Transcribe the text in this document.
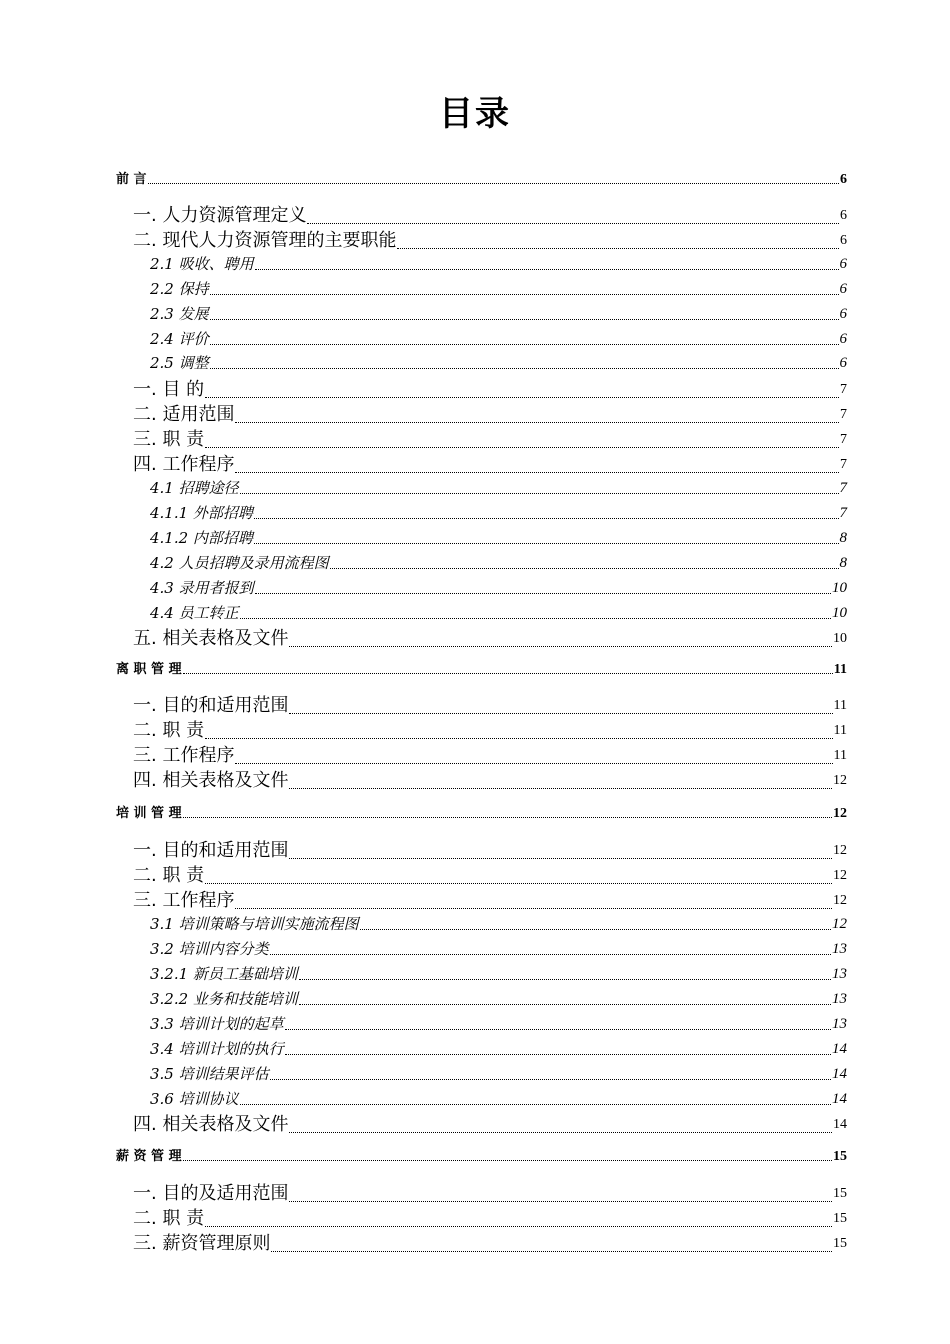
目录
前 言	6
一. 人力资源管理定义	6
二. 现代人力资源管理的主要职能	6
2.1 吸收、聘用	6
2.2 保持	6
2.3 发展	6
2.4 评价	6
2.5 调整	6
一. 目 的	7
二. 适用范围	7
三. 职 责	7
四. 工作程序	7
4.1 招聘途径	7
4.1.1 外部招聘	7
4.1.2 内部招聘	8
4.2 人员招聘及录用流程图	8
4.3 录用者报到	10
4.4 员工转正	10
五. 相关表格及文件	10
离 职 管 理	11
一. 目的和适用范围	11
二. 职 责	11
三. 工作程序	11
四. 相关表格及文件	12
培 训 管 理	12
一. 目的和适用范围	12
二. 职 责	12
三. 工作程序	12
3.1 培训策略与培训实施流程图	12
3.2 培训内容分类	13
3.2.1 新员工基础培训	13
3.2.2 业务和技能培训	13
3.3 培训计划的起草	13
3.4 培训计划的执行	14
3.5 培训结果评估	14
3.6 培训协议	14
四. 相关表格及文件	14
薪 资 管 理	15
一. 目的及适用范围	15
二. 职 责	15
三. 薪资管理原则	15
